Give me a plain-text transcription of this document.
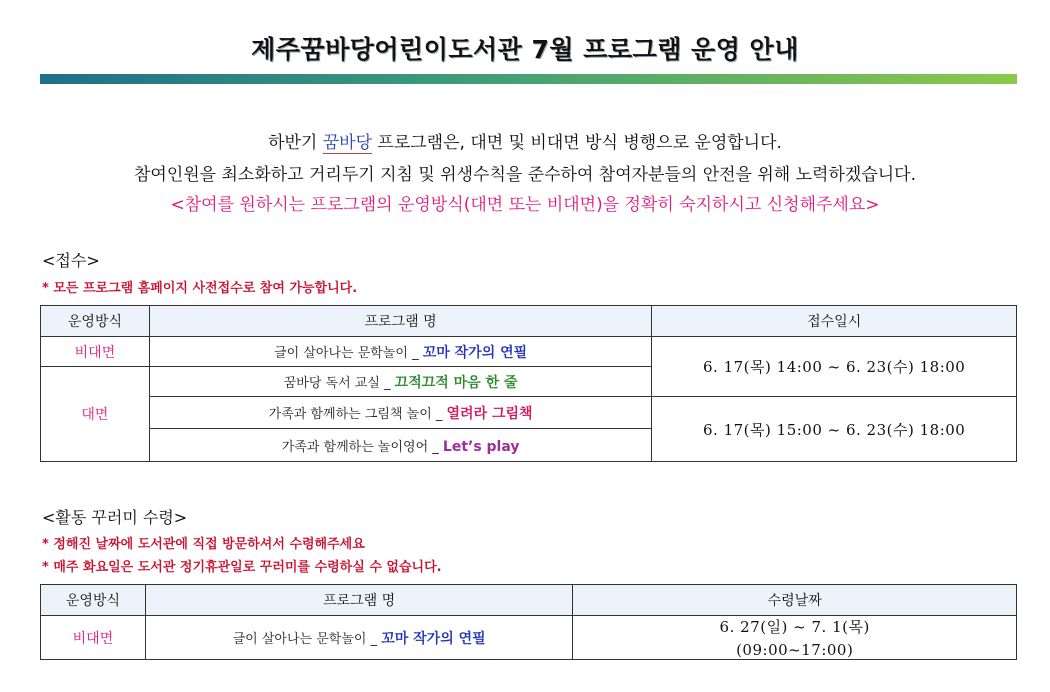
제주꿈바당어린이도서관 7월 프로그램 운영 안내
하반기 꿈바당 프로그램은, 대면 및 비대면 방식 병행으로 운영합니다.
참여인원을 최소화하고 거리두기 지침 및 위생수칙을 준수하여 참여자분들의 안전을 위해 노력하겠습니다.
<참여를 원하시는 프로그램의 운영방식(대면 또는 비대면)을 정확히 숙지하시고 신청해주세요>
<접수>
* 모든 프로그램 홈페이지 사전접수로 참여 가능합니다.
운영방식	프로그램 명	접수일시
비대면	글이 살아나는 문학놀이 _ 꼬마 작가의 연필	6. 17(목) 14:00 ~ 6. 23(수) 18:00
대면	꿈바당 독서 교실 _ 끄적끄적 마음 한 줄	
	가족과 함께하는 그림책 놀이 _ 열려라 그림책	6. 17(목) 15:00 ~ 6. 23(수) 18:00
	가족과 함께하는 놀이영어 _ Let’s play	
<활동 꾸러미 수령>
* 정해진 날짜에 도서관에 직접 방문하셔서 수령해주세요
* 매주 화요일은 도서관 정기휴관일로 꾸러미를 수령하실 수 없습니다.
운영방식	프로그램 명	수령날짜
비대면	글이 살아나는 문학놀이 _ 꼬마 작가의 연필	6. 27(일) ~ 7. 1(목)
(09:00~17:00)
